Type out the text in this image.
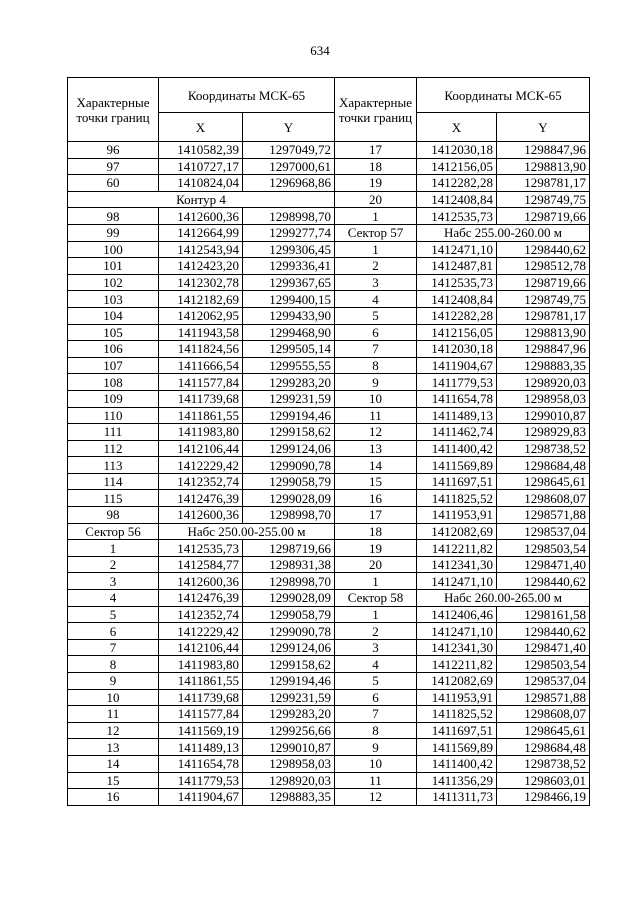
634
Характерные точки границ	Координаты МСК-65	
	X	Y
96	1410582,39	1297049,72
97	1410727,17	1297000,61
60	1410824,04	1296968,86
Контур 4		
98	1412600,36	1298998,70
99	1412664,99	1299277,74
100	1412543,94	1299306,45
101	1412423,20	1299336,41
102	1412302,78	1299367,65
103	1412182,69	1299400,15
104	1412062,95	1299433,90
105	1411943,58	1299468,90
106	1411824,56	1299505,14
107	1411666,54	1299555,55
108	1411577,84	1299283,20
109	1411739,68	1299231,59
110	1411861,55	1299194,46
111	1411983,80	1299158,62
112	1412106,44	1299124,06
113	1412229,42	1299090,78
114	1412352,74	1299058,79
115	1412476,39	1299028,09
98	1412600,36	1298998,70
Сектор 56	Набс 250.00-255.00 м	
1	1412535,73	1298719,66
2	1412584,77	1298931,38
3	1412600,36	1298998,70
4	1412476,39	1299028,09
5	1412352,74	1299058,79
6	1412229,42	1299090,78
7	1412106,44	1299124,06
8	1411983,80	1299158,62
9	1411861,55	1299194,46
10	1411739,68	1299231,59
11	1411577,84	1299283,20
12	1411569,19	1299256,66
13	1411489,13	1299010,87
14	1411654,78	1298958,03
15	1411779,53	1298920,03
16	1411904,67	1298883,35
Характерные точки границ	Координаты МСК-65	
	X	Y
17	1412030,18	1298847,96
18	1412156,05	1298813,90
19	1412282,28	1298781,17
20	1412408,84	1298749,75
1	1412535,73	1298719,66
Сектор 57	Набс 255.00-260.00 м	
1	1412471,10	1298440,62
2	1412487,81	1298512,78
3	1412535,73	1298719,66
4	1412408,84	1298749,75
5	1412282,28	1298781,17
6	1412156,05	1298813,90
7	1412030,18	1298847,96
8	1411904,67	1298883,35
9	1411779,53	1298920,03
10	1411654,78	1298958,03
11	1411489,13	1299010,87
12	1411462,74	1298929,83
13	1411400,42	1298738,52
14	1411569,89	1298684,48
15	1411697,51	1298645,61
16	1411825,52	1298608,07
17	1411953,91	1298571,88
18	1412082,69	1298537,04
19	1412211,82	1298503,54
20	1412341,30	1298471,40
1	1412471,10	1298440,62
Сектор 58	Набс 260.00-265.00 м	
1	1412406,46	1298161,58
2	1412471,10	1298440,62
3	1412341,30	1298471,40
4	1412211,82	1298503,54
5	1412082,69	1298537,04
6	1411953,91	1298571,88
7	1411825,52	1298608,07
8	1411697,51	1298645,61
9	1411569,89	1298684,48
10	1411400,42	1298738,52
11	1411356,29	1298603,01
12	1411311,73	1298466,19
